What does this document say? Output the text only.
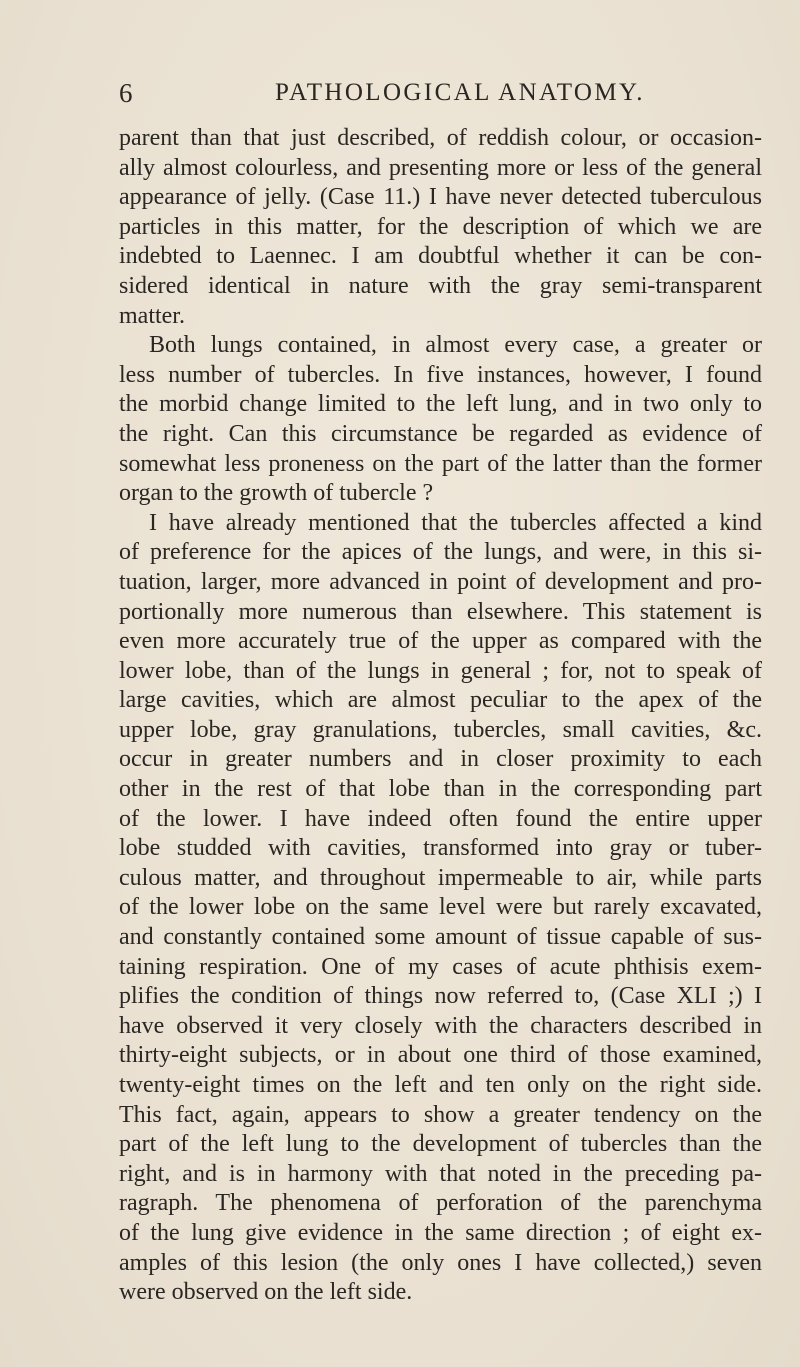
6	PATHOLOGICAL ANATOMY.
parent than that just described, of reddish colour, or occasion-
ally almost colourless, and presenting more or less of the general
appearance of jelly. (Case 11.) I have never detected tuberculous
particles in this matter, for the description of which we are
indebted to Laennec. I am doubtful whether it can be con-
sidered identical in nature with the gray semi-transparent
matter.
Both lungs contained, in almost every case, a greater or
less number of tubercles. In five instances, however, I found
the morbid change limited to the left lung, and in two only to
the right. Can this circumstance be regarded as evidence of
somewhat less proneness on the part of the latter than the former
organ to the growth of tubercle ?
I have already mentioned that the tubercles affected a kind
of preference for the apices of the lungs, and were, in this si-
tuation, larger, more advanced in point of development and pro-
portionally more numerous than elsewhere. This statement is
even more accurately true of the upper as compared with the
lower lobe, than of the lungs in general ; for, not to speak of
large cavities, which are almost peculiar to the apex of the
upper lobe, gray granulations, tubercles, small cavities, &c.
occur in greater numbers and in closer proximity to each
other in the rest of that lobe than in the corresponding part
of the lower. I have indeed often found the entire upper
lobe studded with cavities, transformed into gray or tuber-
culous matter, and throughout impermeable to air, while parts
of the lower lobe on the same level were but rarely excavated,
and constantly contained some amount of tissue capable of sus-
taining respiration. One of my cases of acute phthisis exem-
plifies the condition of things now referred to, (Case XLI ;) I
have observed it very closely with the characters described in
thirty-eight subjects, or in about one third of those examined,
twenty-eight times on the left and ten only on the right side.
This fact, again, appears to show a greater tendency on the
part of the left lung to the development of tubercles than the
right, and is in harmony with that noted in the preceding pa-
ragraph. The phenomena of perforation of the parenchyma
of the lung give evidence in the same direction ; of eight ex-
amples of this lesion (the only ones I have collected,) seven
were observed on the left side.
